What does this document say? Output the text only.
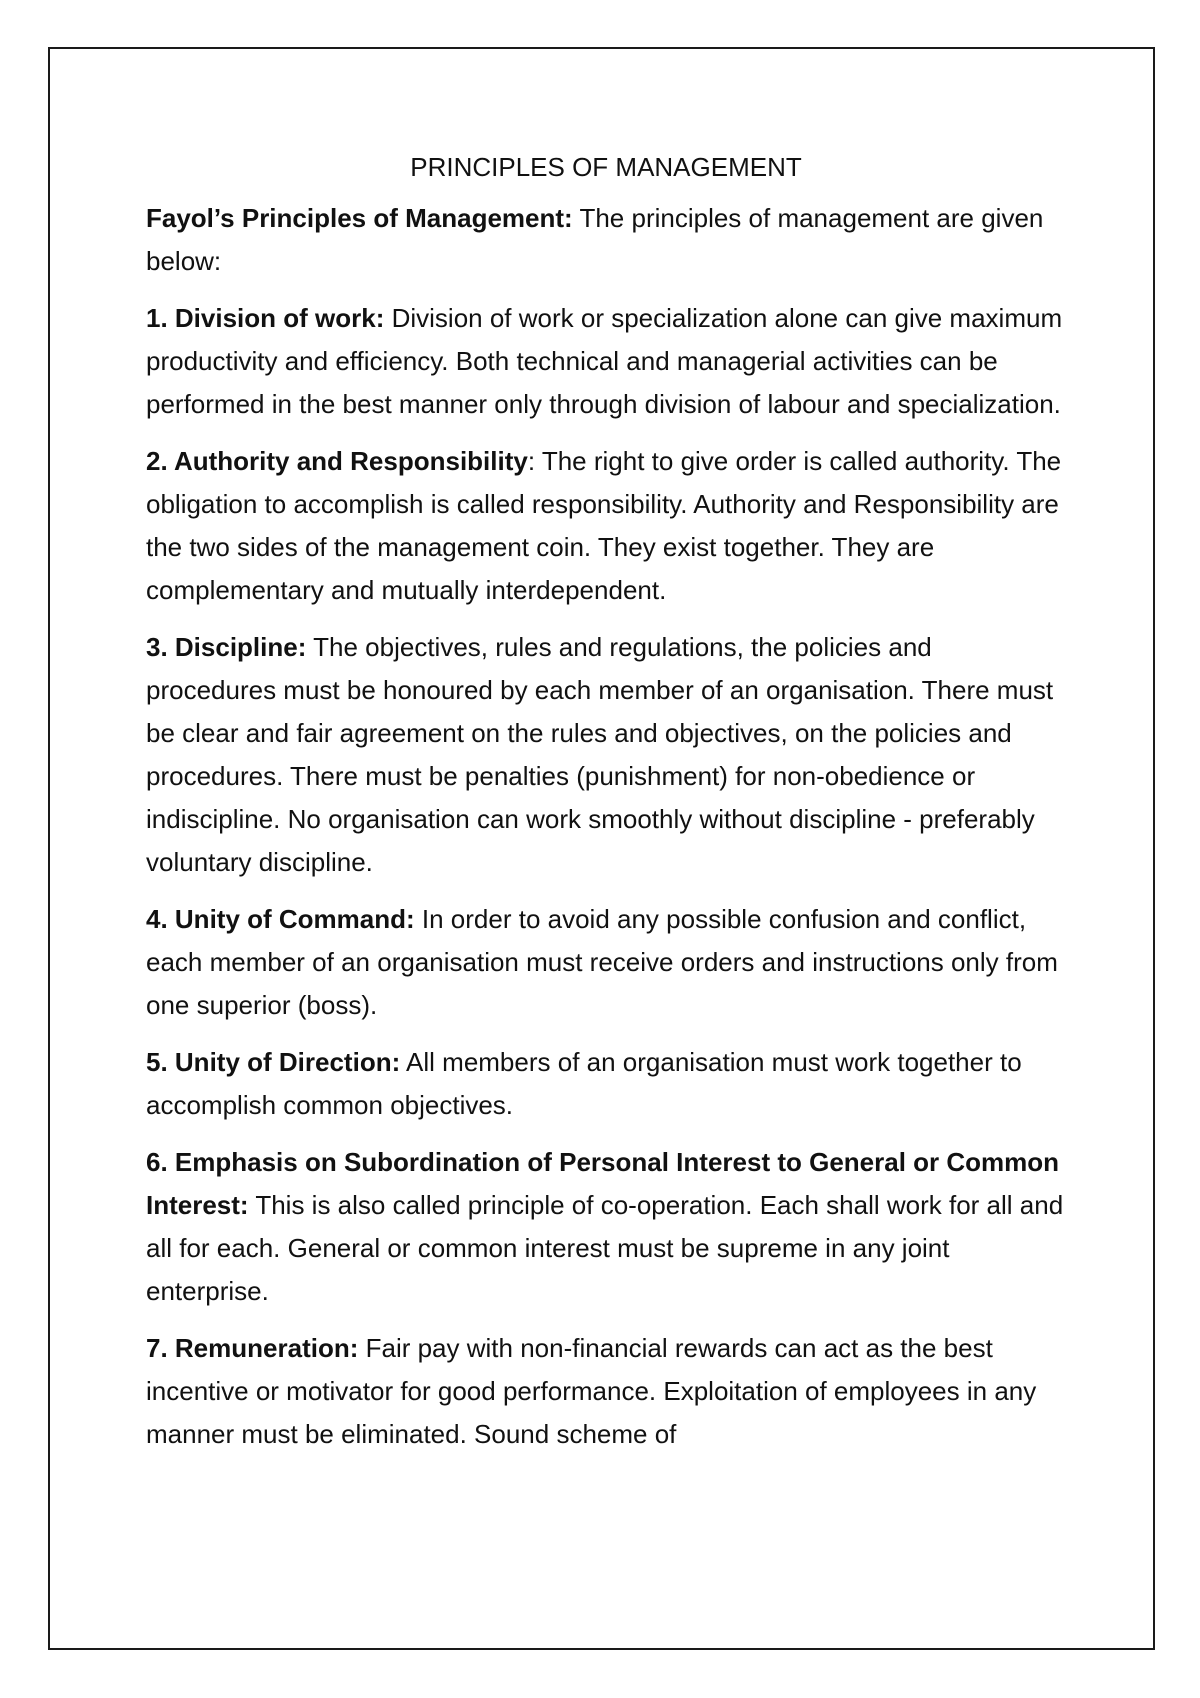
PRINCIPLES OF MANAGEMENT

Fayol’s Principles of Management: The principles of management are given below:

1. Division of work: Division of work or specialization alone can give maximum productivity and efficiency. Both technical and managerial activities can be performed in the best manner only through division of labour and specialization.

2. Authority and Responsibility: The right to give order is called authority. The obligation to accomplish is called responsibility. Authority and Responsibility are the two sides of the management coin. They exist together. They are complementary and mutually interdependent.

3. Discipline: The objectives, rules and regulations, the policies and procedures must be honoured by each member of an organisation. There must be clear and fair agreement on the rules and objectives, on the policies and procedures. There must be penalties (punishment) for non-obedience or indiscipline. No organisation can work smoothly without discipline - preferably voluntary discipline.

4. Unity of Command: In order to avoid any possible confusion and conflict, each member of an organisation must receive orders and instructions only from one superior (boss).

5. Unity of Direction: All members of an organisation must work together to accomplish common objectives.

6. Emphasis on Subordination of Personal Interest to General or Common Interest: This is also called principle of co-operation. Each shall work for all and all for each. General or common interest must be supreme in any joint enterprise.

7. Remuneration: Fair pay with non-financial rewards can act as the best incentive or motivator for good performance. Exploitation of employees in any manner must be eliminated. Sound scheme of
